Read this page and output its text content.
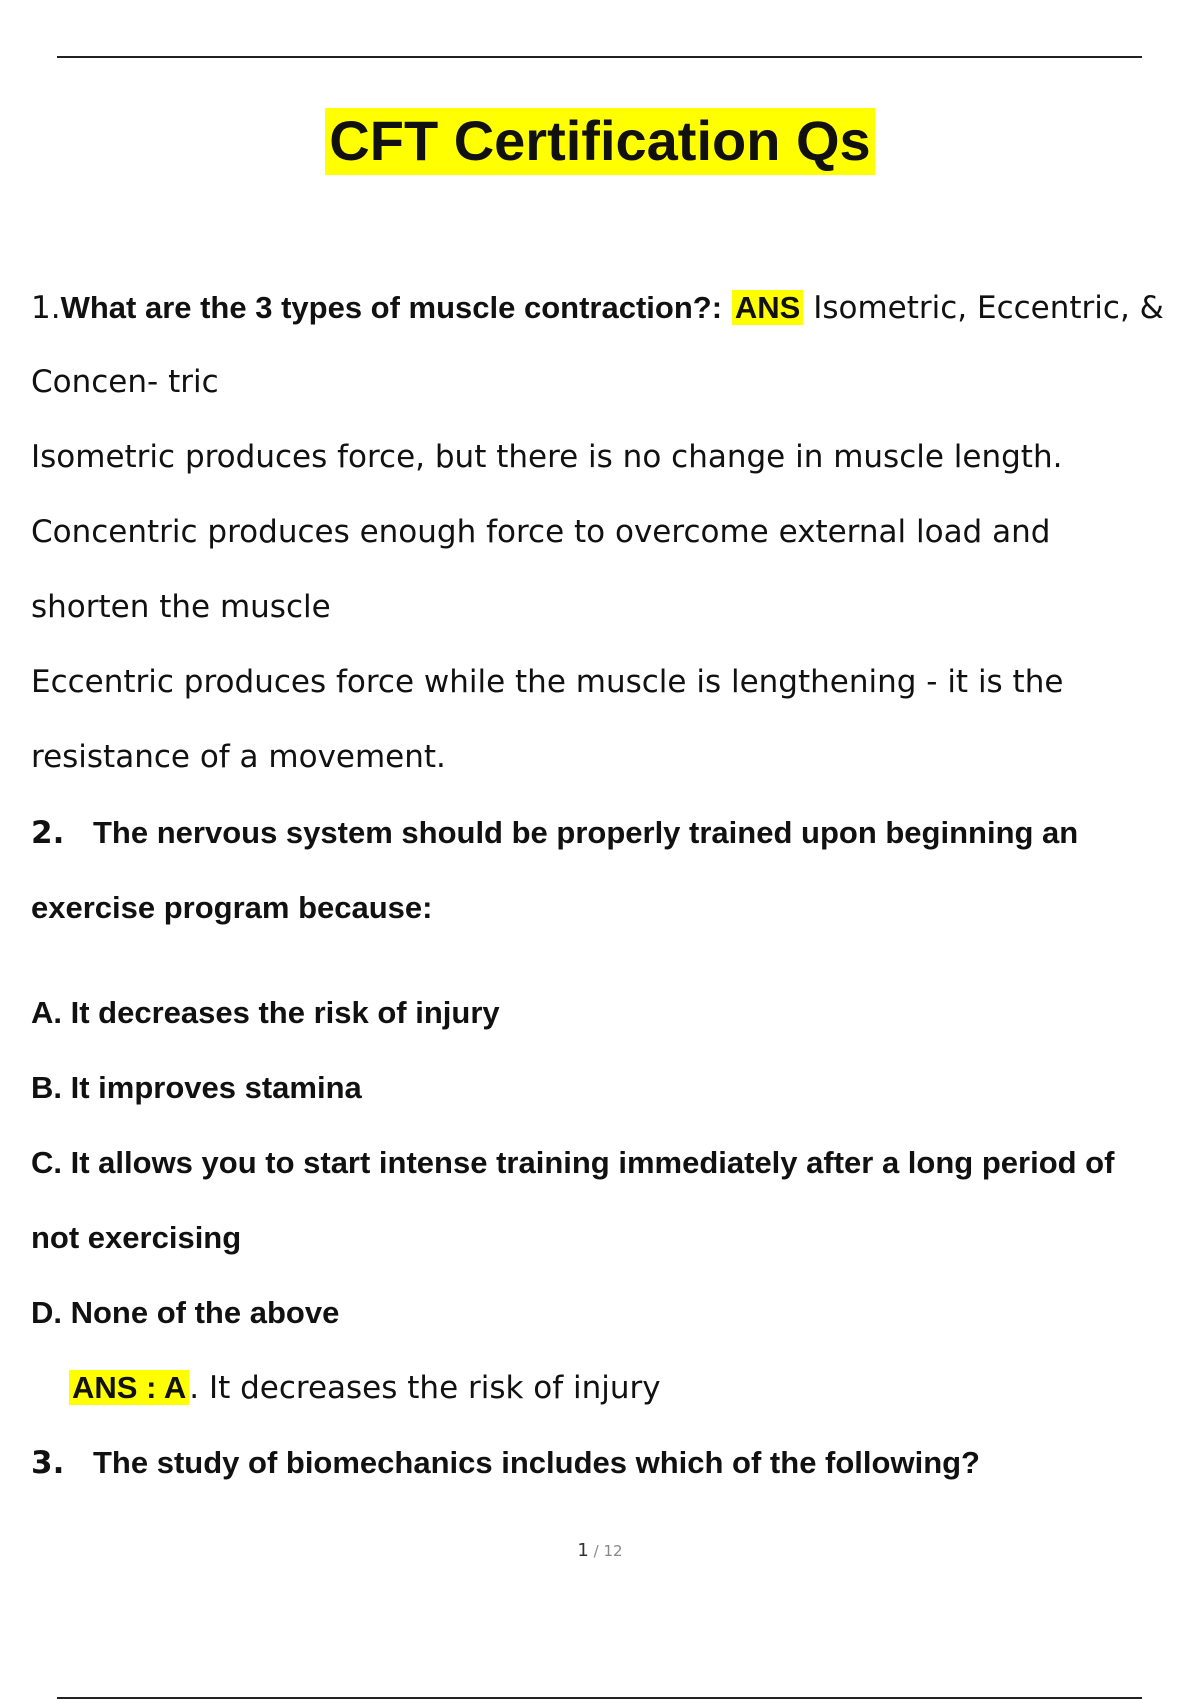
CFT Certification Qs
1.What are the 3 types of muscle contraction?: ANS Isometric, Eccentric, &
Concen- tric
Isometric produces force, but there is no change in muscle length.
Concentric produces enough force to overcome external load and
shorten the muscle
Eccentric produces force while the muscle is lengthening - it is the
resistance of a movement.
2. The nervous system should be properly trained upon beginning an
exercise program because:
A. It decreases the risk of injury
B. It improves stamina
C. It allows you to start intense training immediately after a long period of
not exercising
D. None of the above
ANS : A. It decreases the risk of injury
3. The study of biomechanics includes which of the following?
1 / 12
